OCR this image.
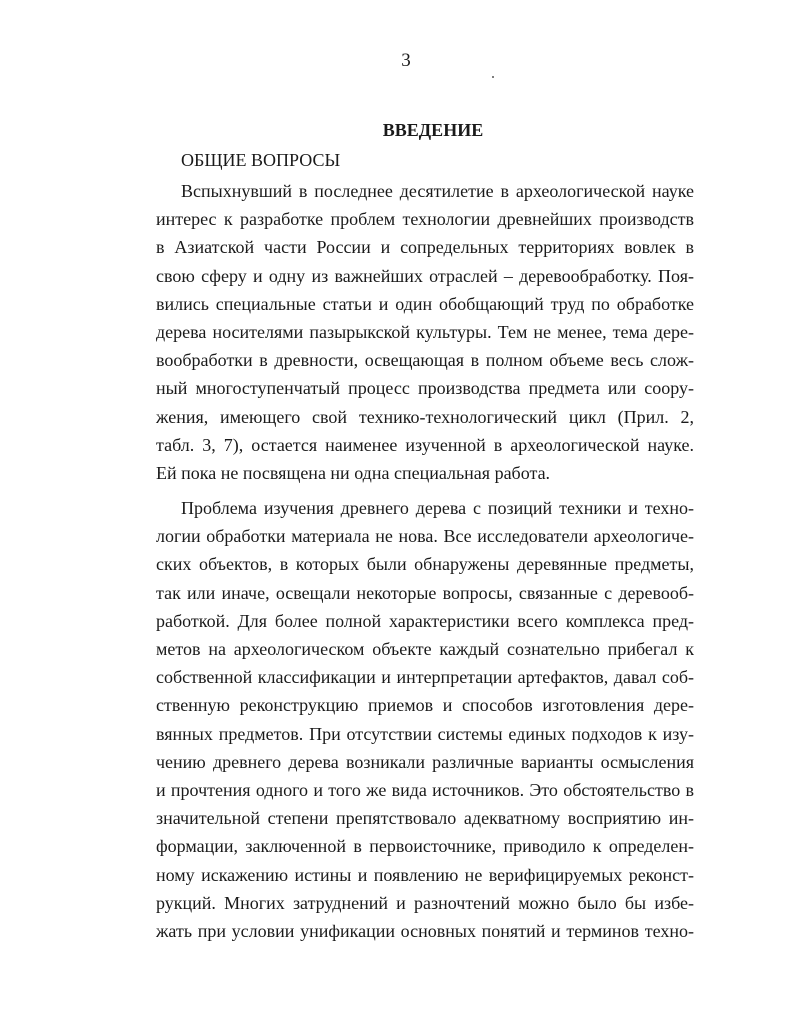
3
ВВЕДЕНИЕ
ОБЩИЕ ВОПРОСЫ
Вспыхнувший в последнее десятилетие в археологической науке
интерес к разработке проблем технологии древнейших производств
в Азиатской части России и сопредельных территориях вовлек в
свою сферу и одну из важнейших отраслей – деревообработку. Поя-
вились специальные статьи и один обобщающий труд по обработке
дерева носителями пазырыкской культуры. Тем не менее, тема дере-
вообработки в древности, освещающая в полном объеме весь слож-
ный многоступенчатый процесс производства предмета или соору-
жения, имеющего свой технико-технологический цикл (Прил. 2,
табл. 3, 7), остается наименее изученной в археологической науке.
Ей пока не посвящена ни одна специальная работа.
Проблема изучения древнего дерева с позиций техники и техно-
логии обработки материала не нова. Все исследователи археологиче-
ских объектов, в которых были обнаружены деревянные предметы,
так или иначе, освещали некоторые вопросы, связанные с деревооб-
работкой. Для более полной характеристики всего комплекса пред-
метов на археологическом объекте каждый сознательно прибегал к
собственной классификации и интерпретации артефактов, давал соб-
ственную реконструкцию приемов и способов изготовления дере-
вянных предметов. При отсутствии системы единых подходов к изу-
чению древнего дерева возникали различные варианты осмысления
и прочтения одного и того же вида источников. Это обстоятельство в
значительной степени препятствовало адекватному восприятию ин-
формации, заключенной в первоисточнике, приводило к определен-
ному искажению истины и появлению не верифицируемых реконст-
рукций. Многих затруднений и разночтений можно было бы избе-
жать при условии унификации основных понятий и терминов техно-
